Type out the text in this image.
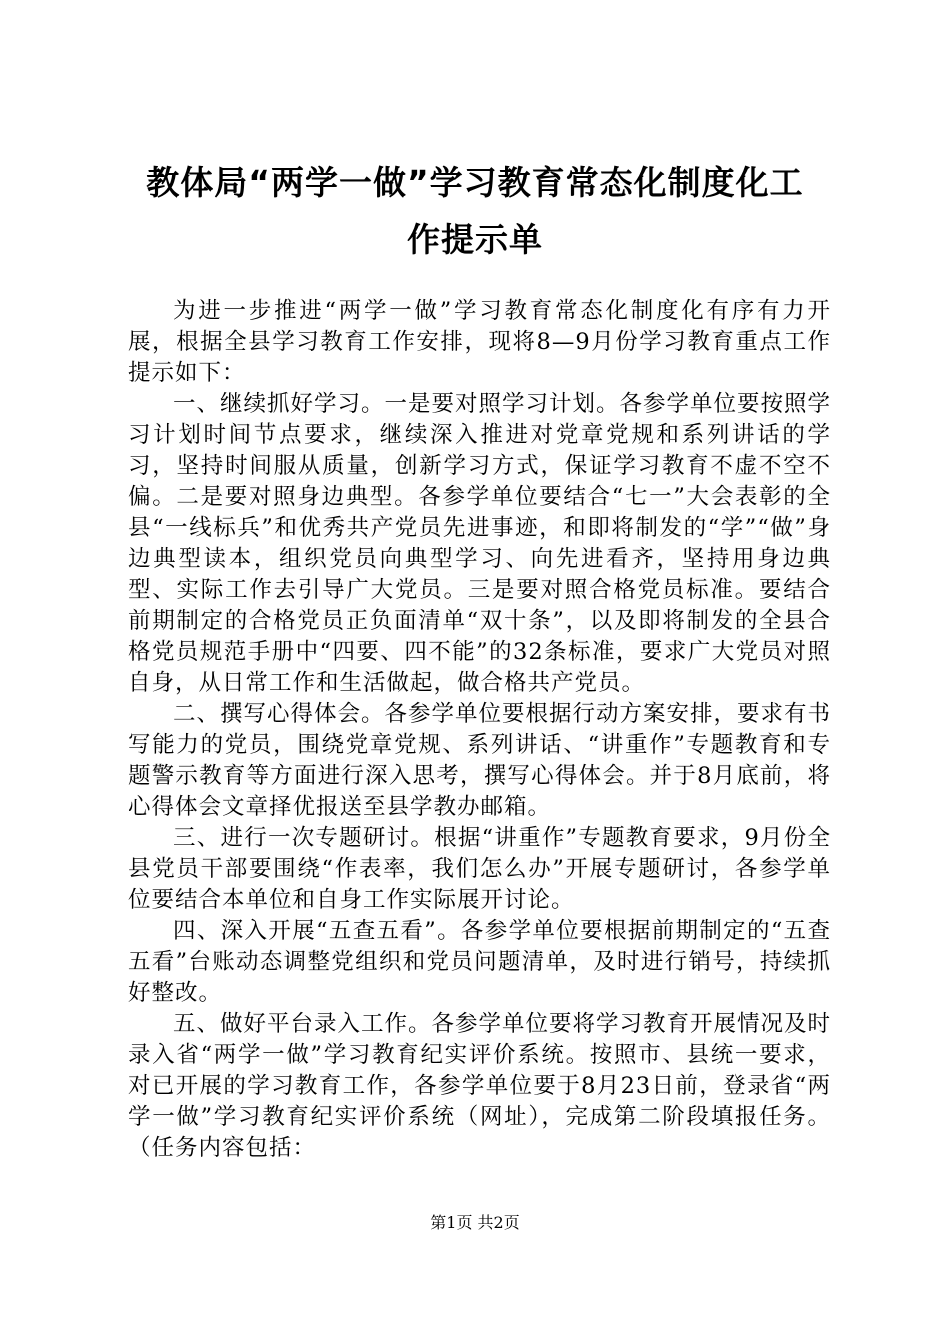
教体局“两学一做”学习教育常态化制度化工
作提示单

为进一步推进“两学一做”学习教育常态化制度化有序有力开展，根据全县学习教育工作安排，现将8—9月份学习教育重点工作提示如下：

一、继续抓好学习。一是要对照学习计划。各参学单位要按照学习计划时间节点要求，继续深入推进对党章党规和系列讲话的学习，坚持时间服从质量，创新学习方式，保证学习教育不虚不空不偏。二是要对照身边典型。各参学单位要结合“七一”大会表彰的全县“一线标兵”和优秀共产党员先进事迹，和即将制发的“学”“做”身边典型读本，组织党员向典型学习、向先进看齐，坚持用身边典型、实际工作去引导广大党员。三是要对照合格党员标准。要结合前期制定的合格党员正负面清单“双十条”，以及即将制发的全县合格党员规范手册中“四要、四不能”的32条标准，要求广大党员对照自身，从日常工作和生活做起，做合格共产党员。

二、撰写心得体会。各参学单位要根据行动方案安排，要求有书写能力的党员，围绕党章党规、系列讲话、“讲重作”专题教育和专题警示教育等方面进行深入思考，撰写心得体会。并于8月底前，将心得体会文章择优报送至县学教办邮箱。

三、进行一次专题研讨。根据“讲重作”专题教育要求，9月份全县党员干部要围绕“作表率，我们怎么办”开展专题研讨，各参学单位要结合本单位和自身工作实际展开讨论。

四、深入开展“五查五看”。各参学单位要根据前期制定的“五查五看”台账动态调整党组织和党员问题清单，及时进行销号，持续抓好整改。

五、做好平台录入工作。各参学单位要将学习教育开展情况及时录入省“两学一做”学习教育纪实评价系统。按照市、县统一要求，对已开展的学习教育工作，各参学单位要于8月23日前，登录省“两学一做”学习教育纪实评价系统（网址），完成第二阶段填报任务。（任务内容包括：

第1页 共2页
